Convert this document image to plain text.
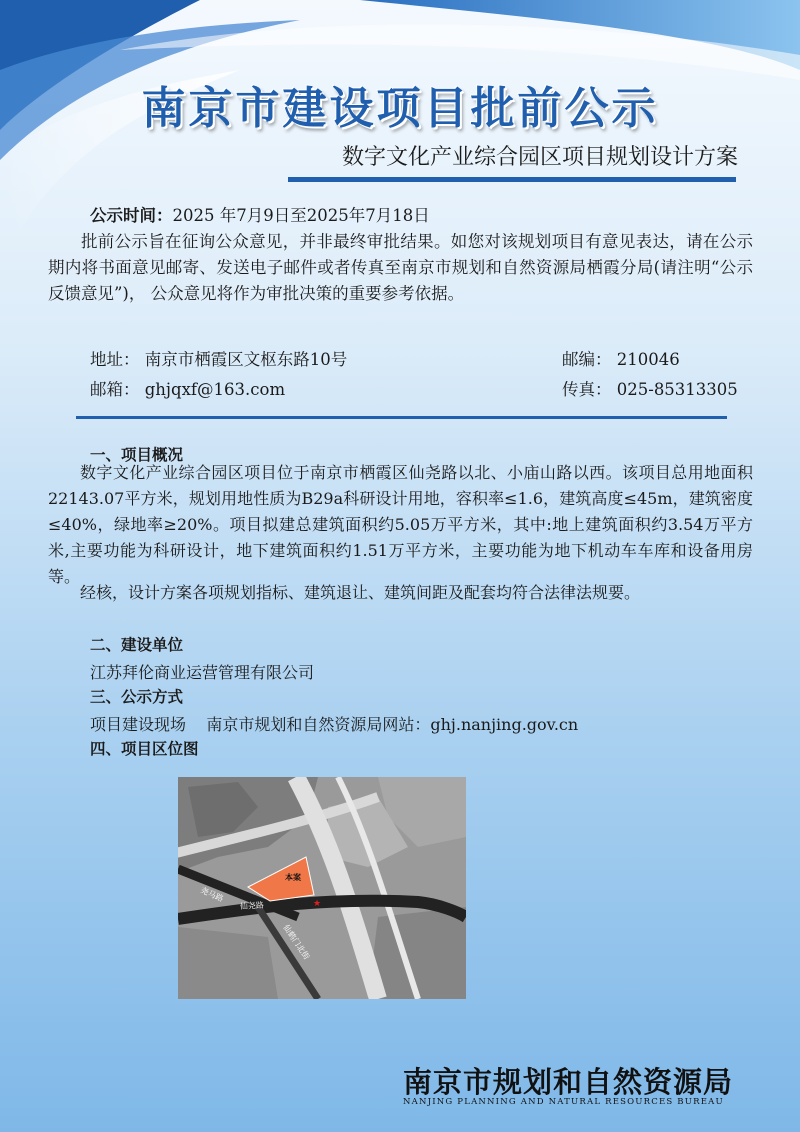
南京市建设项目批前公示
数字文化产业综合园区项目规划设计方案
公示时间：2025 年7月9日至2025年7月18日
批前公示旨在征询公众意见，并非最终审批结果。如您对该规划项目有意见表达，请在公示期内将书面意见邮寄、发送电子邮件或者传真至南京市规划和自然资源局栖霞分局(请注明“公示反馈意见”)， 公众意见将作为审批决策的重要参考依据。
地址： 南京市栖霞区文枢东路10号	邮编： 210046
邮箱： ghjqxf@163.com	传真： 025-85313305
一、项目概况
数字文化产业综合园区项目位于南京市栖霞区仙尧路以北、小庙山路以西。该项目总用地面积22143.07平方米，规划用地性质为B29a科研设计用地，容积率≤1.6，建筑高度≤45m，建筑密度≤40%，绿地率≥20%。项目拟建总建筑面积约5.05万平方米，其中:地上建筑面积约3.54万平方米,主要功能为科研设计，地下建筑面积约1.51万平方米，主要功能为地下机动车车库和设备用房等。
经核，设计方案各项规划指标、建筑退让、建筑间距及配套均符合法律法规要。
二、建设单位
江苏拜伦商业运营管理有限公司
三、公示方式
项目建设现场    南京市规划和自然资源局网站：ghj.nanjing.gov.cn
四、项目区位图
本案
★
尧马路
仙尧路
仙鹤门北街
南京市规划和自然资源局
NANJING PLANNING AND NATURAL RESOURCES BUREAU
